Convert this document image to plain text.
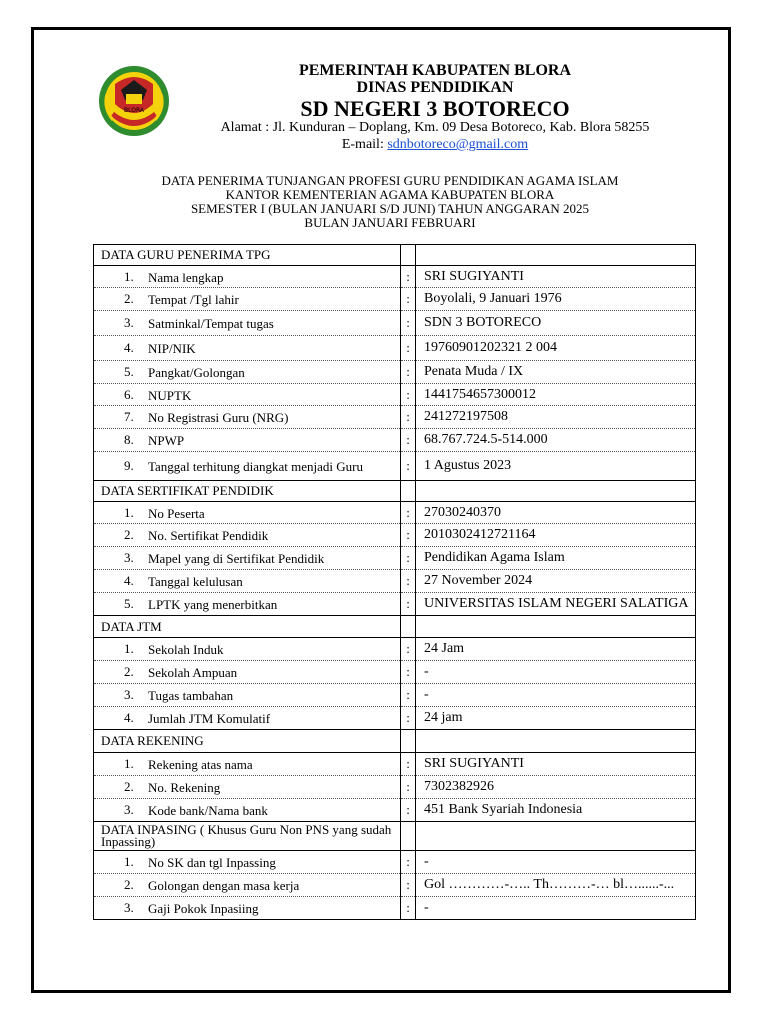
BLORA
PEMERINTAH KABUPATEN BLORA
DINAS PENDIDIKAN
SD NEGERI 3 BOTORECO
Alamat : Jl. Kunduran – Doplang, Km. 09 Desa Botoreco, Kab. Blora 58255
E-mail: sdnbotoreco@gmail.com
DATA PENERIMA TUNJANGAN PROFESI GURU PENDIDIKAN AGAMA ISLAM
KANTOR KEMENTERIAN AGAMA KABUPATEN BLORA
SEMESTER I (BULAN JANUARI S/D JUNI) TAHUN ANGGARAN 2025
BULAN JANUARI FEBRUARI
DATA GURU PENERIMA TPG		
1. Nama lengkap	:	SRI SUGIYANTI
2. Tempat /Tgl lahir	:	Boyolali, 9 Januari 1976
3. Satminkal/Tempat tugas	:	SDN 3 BOTORECO
4. NIP/NIK	:	19760901202321 2 004
5. Pangkat/Golongan	:	Penata Muda / IX
6. NUPTK	:	1441754657300012
7. No Registrasi Guru (NRG)	:	241272197508
8. NPWP	:	68.767.724.5-514.000
9. Tanggal terhitung diangkat menjadi Guru	:	1 Agustus 2023
DATA SERTIFIKAT PENDIDIK		
1. No Peserta	:	27030240370
2. No. Sertifikat Pendidik	:	2010302412721164
3. Mapel yang di Sertifikat Pendidik	:	Pendidikan Agama Islam
4. Tanggal kelulusan	:	27 November 2024
5. LPTK yang menerbitkan	:	UNIVERSITAS ISLAM NEGERI SALATIGA
DATA JTM		
1. Sekolah Induk	:	24 Jam
2. Sekolah Ampuan	:	-
3. Tugas tambahan	:	-
4. Jumlah JTM Komulatif	:	24 jam
DATA REKENING		
1. Rekening atas nama	:	SRI SUGIYANTI
2. No. Rekening	:	7302382926
3. Kode bank/Nama bank	:	451 Bank Syariah Indonesia

DATA INPASING ( Khusus Guru Non PNS yang sudah Inpassing)		

1. No SK dan tgl Inpassing	:	-
2. Golongan dengan masa kerja	:	Gol …………-….. Th………-… bl…......-...
3. Gaji Pokok Inpasiing	:	-
